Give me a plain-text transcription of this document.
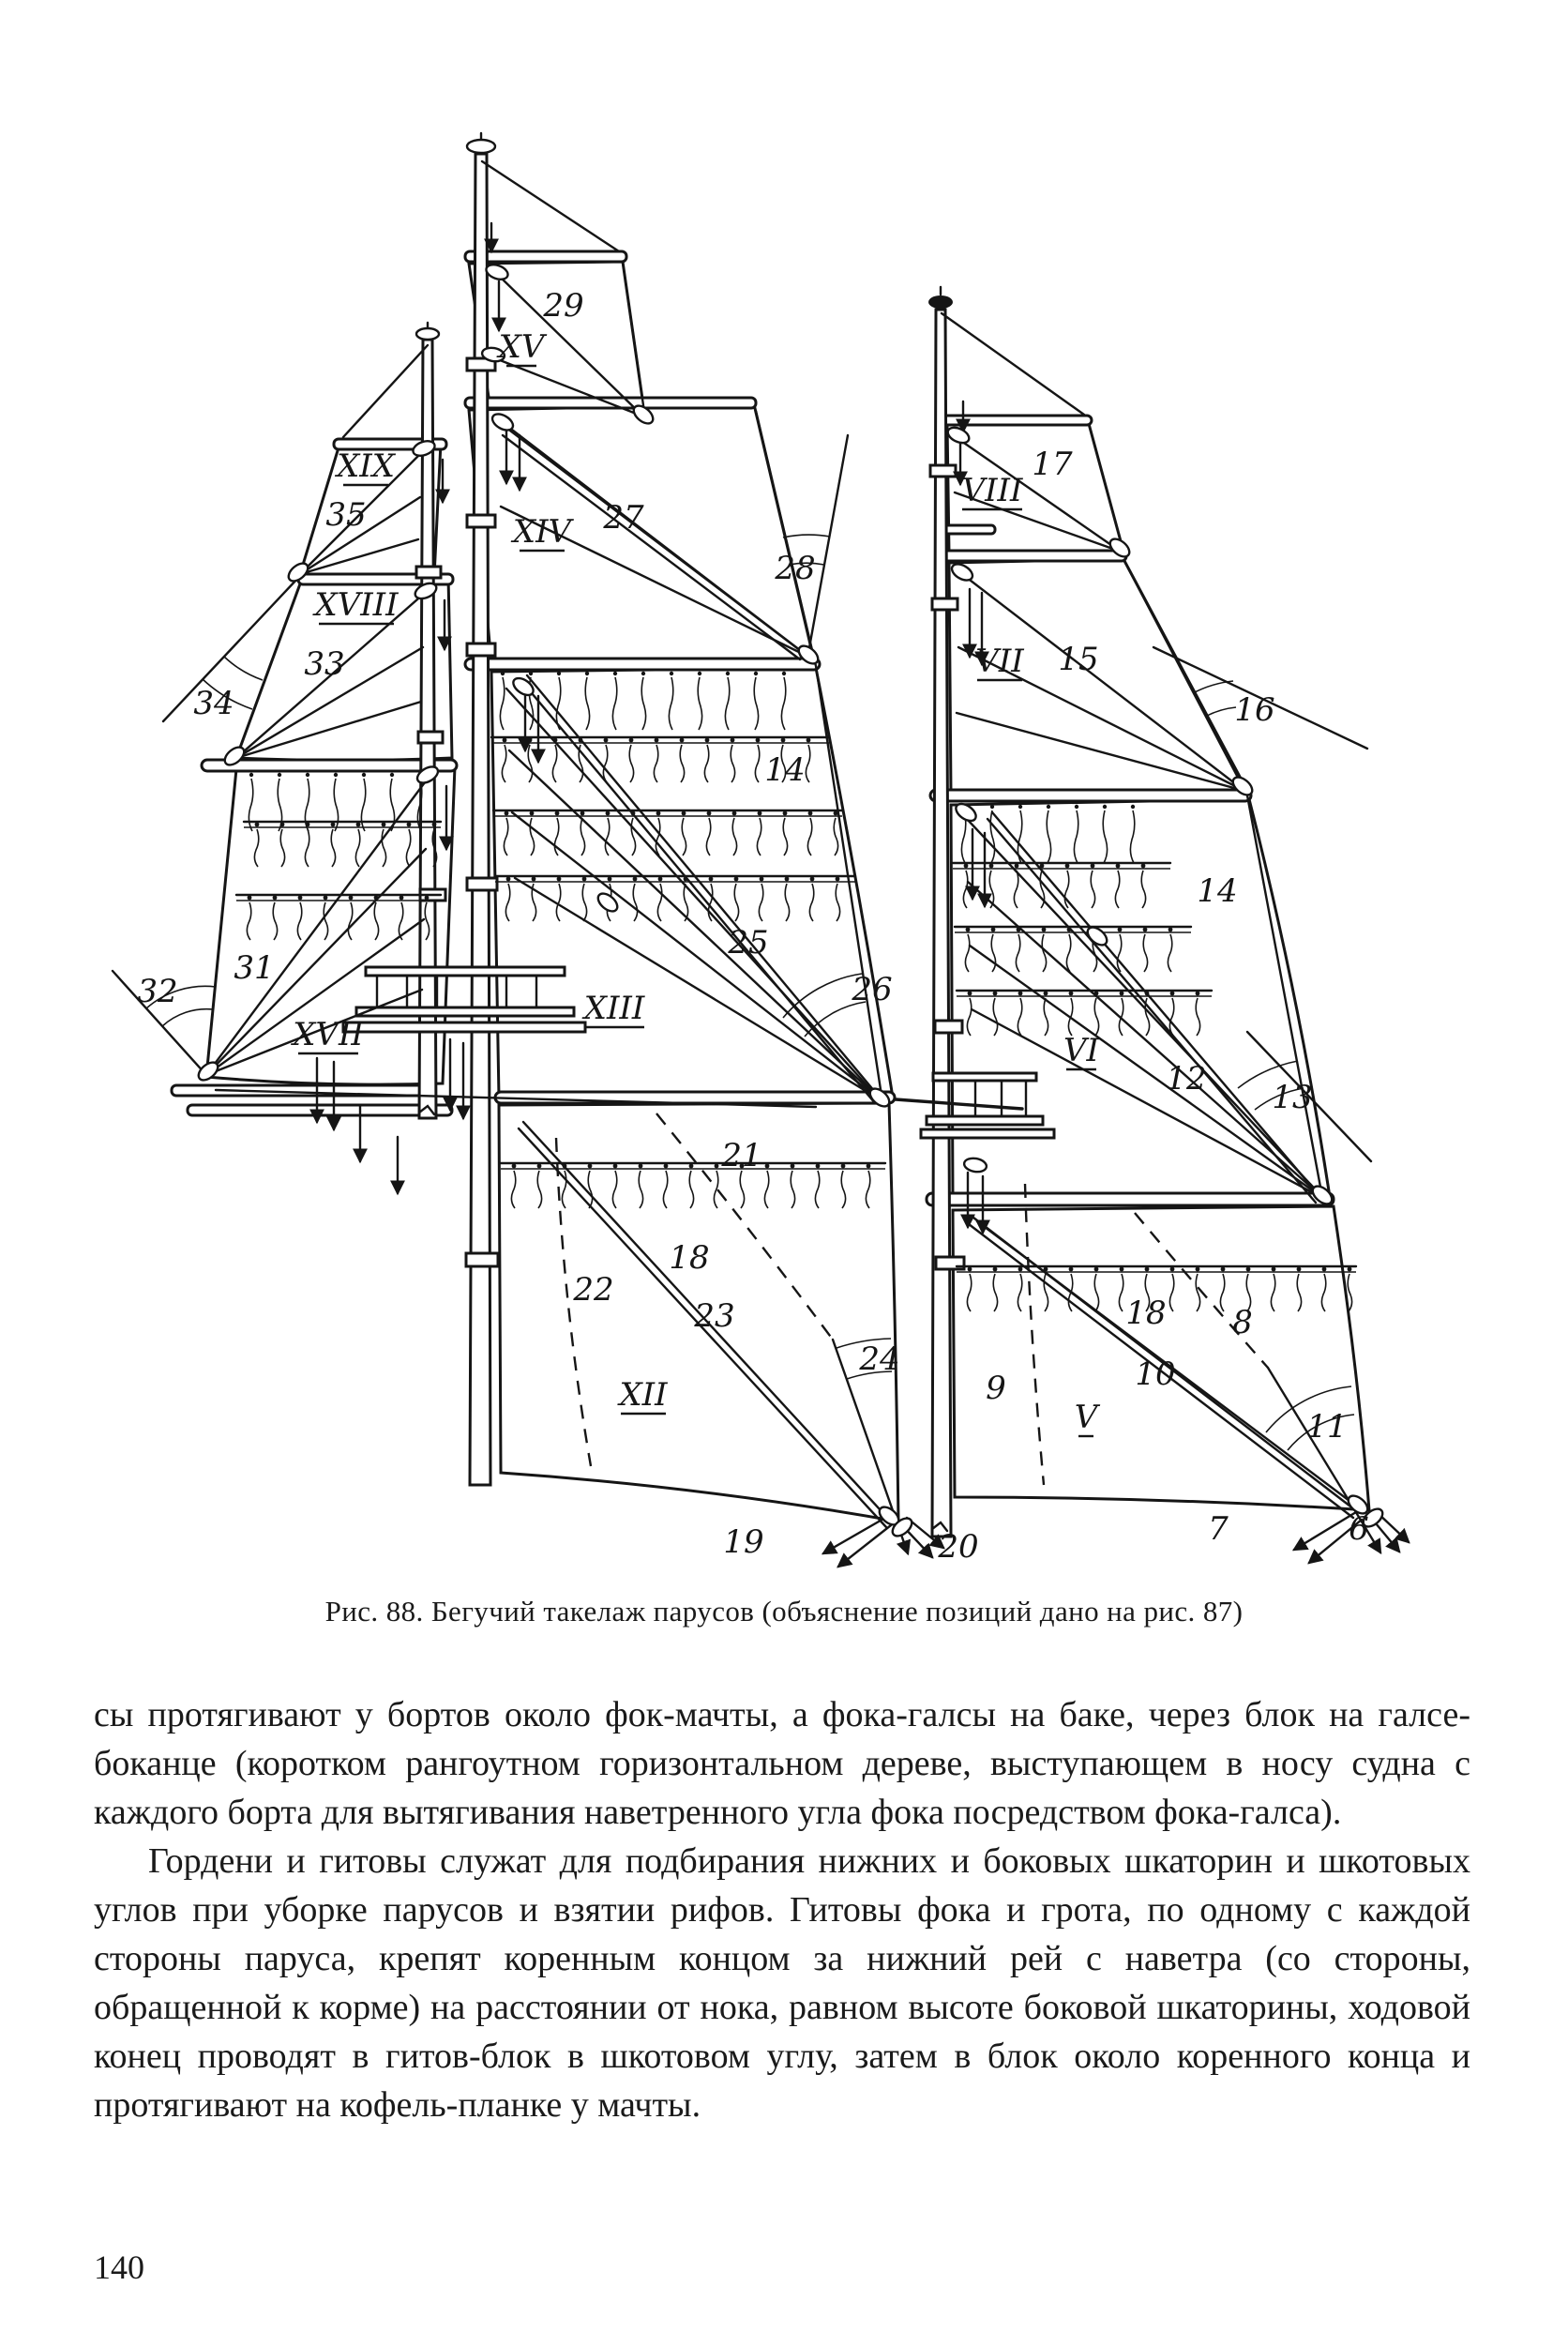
XIX
35
XVIII
33
34
32
31
XVII
29
XV
27
XIV
28
14
25
26
XIII
21
18
22
23
XII
24
19	20
VIII
17
VII 15
16
14
VI
12 13
18 8
9	10
V	11
7	6
Рис. 88. Бегучий такелаж парусов (объяснение позиций дано на рис. 87)

сы протягивают у бортов около фок-мачты, а фока-галсы на баке, через блок на галсе-боканце (коротком рангоутном горизонтальном дереве, выступающем в носу судна с каждого борта для вытягивания наветренного угла фока посредством фока-галса).

Гордени и гитовы служат для подбирания нижних и боковых шкаторин и шкотовых углов при уборке парусов и взятии рифов. Гитовы фока и грота, по одному с каждой стороны паруса, крепят коренным концом за нижний рей с наветра (со стороны, обращенной к корме) на расстоянии от нока, равном высоте боковой шкаторины, ходовой конец проводят в гитов-блок в шкотовом углу, затем в блок около коренного конца и протягивают на кофель-планке у мачты.

140
